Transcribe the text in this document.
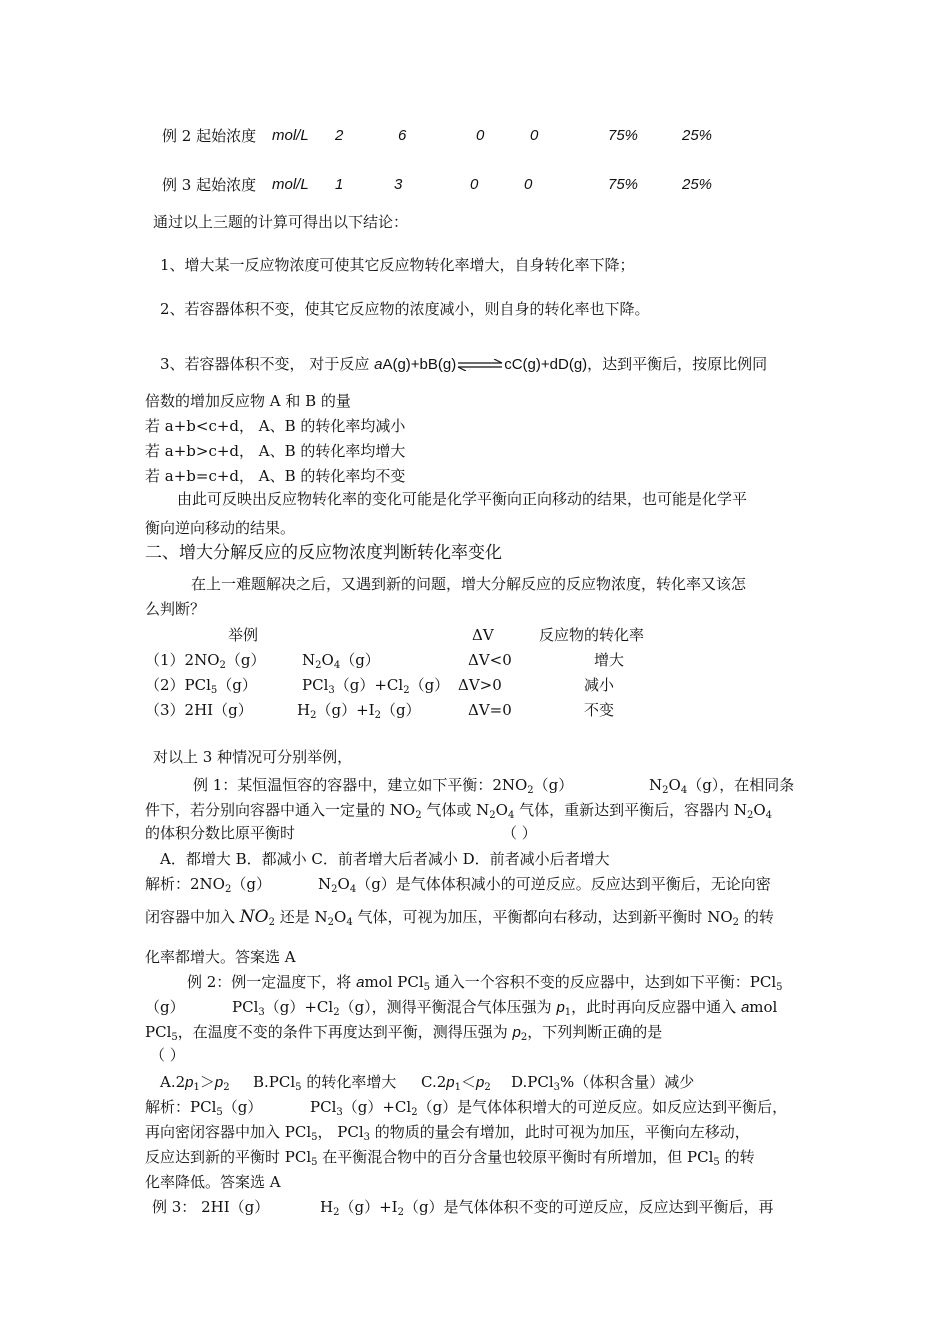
例 2 起始浓度 mol/L 2	6	0	0	75%	25%
例 3 起始浓度 mol/L 1	3	0	0	75%	25%
通过以上三题的计算可得出以下结论：
1、增大某一反应物浓度可使其它反应物转化率增大，自身转化率下降；
2、若容器体积不变，使其它反应物的浓度减小，则自身的转化率也下降。
3、若容器体积不变， 对于反应 aA(g)+bB(g)⇌cC(g)+dD(g)，达到平衡后，按原比例同
倍数的增加反应物 A 和 B 的量
若 a+b<c+d， A、B 的转化率均减小
若 a+b>c+d， A、B 的转化率均增大
若 a+b=c+d， A、B 的转化率均不变
由此可反映出反应物转化率的变化可能是化学平衡向正向移动的结果，也可能是化学平
衡向逆向移动的结果。
二、增大分解反应的反应物浓度判断转化率变化
在上一难题解决之后，又遇到新的问题，增大分解反应的反应物浓度，转化率又该怎
么判断？
举例	ΔV	反应物的转化率
$(1)2NO_2(g)$ $N_2O_4(g)$	ΔV<0	增大
（2）PCl$_5$（g）	$PCl_3(g)+Cl_2(g)$ ΔV>0	减小
（3）2HI（g）	$H_2(g)+I_2(g)$	ΔV=0	不变
对以上 3 种情况可分别举例，
例 1：某恒温恒容的容器中，建立如下平衡：$2NO_2(g)$	$N_2O_4(g)$，在相同条
件下，若分别向容器中通入一定量的 $NO_2$ 气体或 $N_2O_4$ 气体，重新达到平衡后，容器内 $N_2O_4$
的体积分数比原平衡时	（ ）
A．都增大 B．都减小 C．前者增大后者减小 D．前者减小后者增大
解析：$2NO_2(g)$	$N_2O_4(g)$是气体体积减小的可逆反应。反应达到平衡后，无论向密
闭容器中加入 $NO_2$ 还是 $N_2O_4$ 气体，可视为加压，平衡都向右移动，达到新平衡时 $NO_2$ 的转
化率都增大。答案选 A
例 2：例一定温度下，将 amol PCl$_5$ 通入一个容积不变的反应器中，达到如下平衡：PCl$_5$
（g）	$PCl_3(g)+Cl_2(g)$，测得平衡混合气体压强为 $p_1$，此时再向反应器中通入 amol
PCl$_5$，在温度不变的条件下再度达到平衡，测得压强为 $p_2$，下列判断正确的是
（ ）
$A.2p_1>p_2$ B.PCl$_5$ 的转化率增大 $C.2p_1<p_2$ D.PCl$_3$%（体积含量）减少
解析：PCl$_5$（g）	$PCl_3(g)+Cl_2(g)$是气体体积增大的可逆反应。如反应达到平衡后，
再向密闭容器中加入 PCl$_5$， PCl$_3$ 的物质的量会有增加，此时可视为加压，平衡向左移动，
反应达到新的平衡时 PCl$_5$ 在平衡混合物中的百分含量也较原平衡时有所增加，但 PCl$_5$ 的转
化率降低。答案选 A
例 3： 2HI（g）	$H_2(g)+I_2(g)$是气体体积不变的可逆反应，反应达到平衡后，再
